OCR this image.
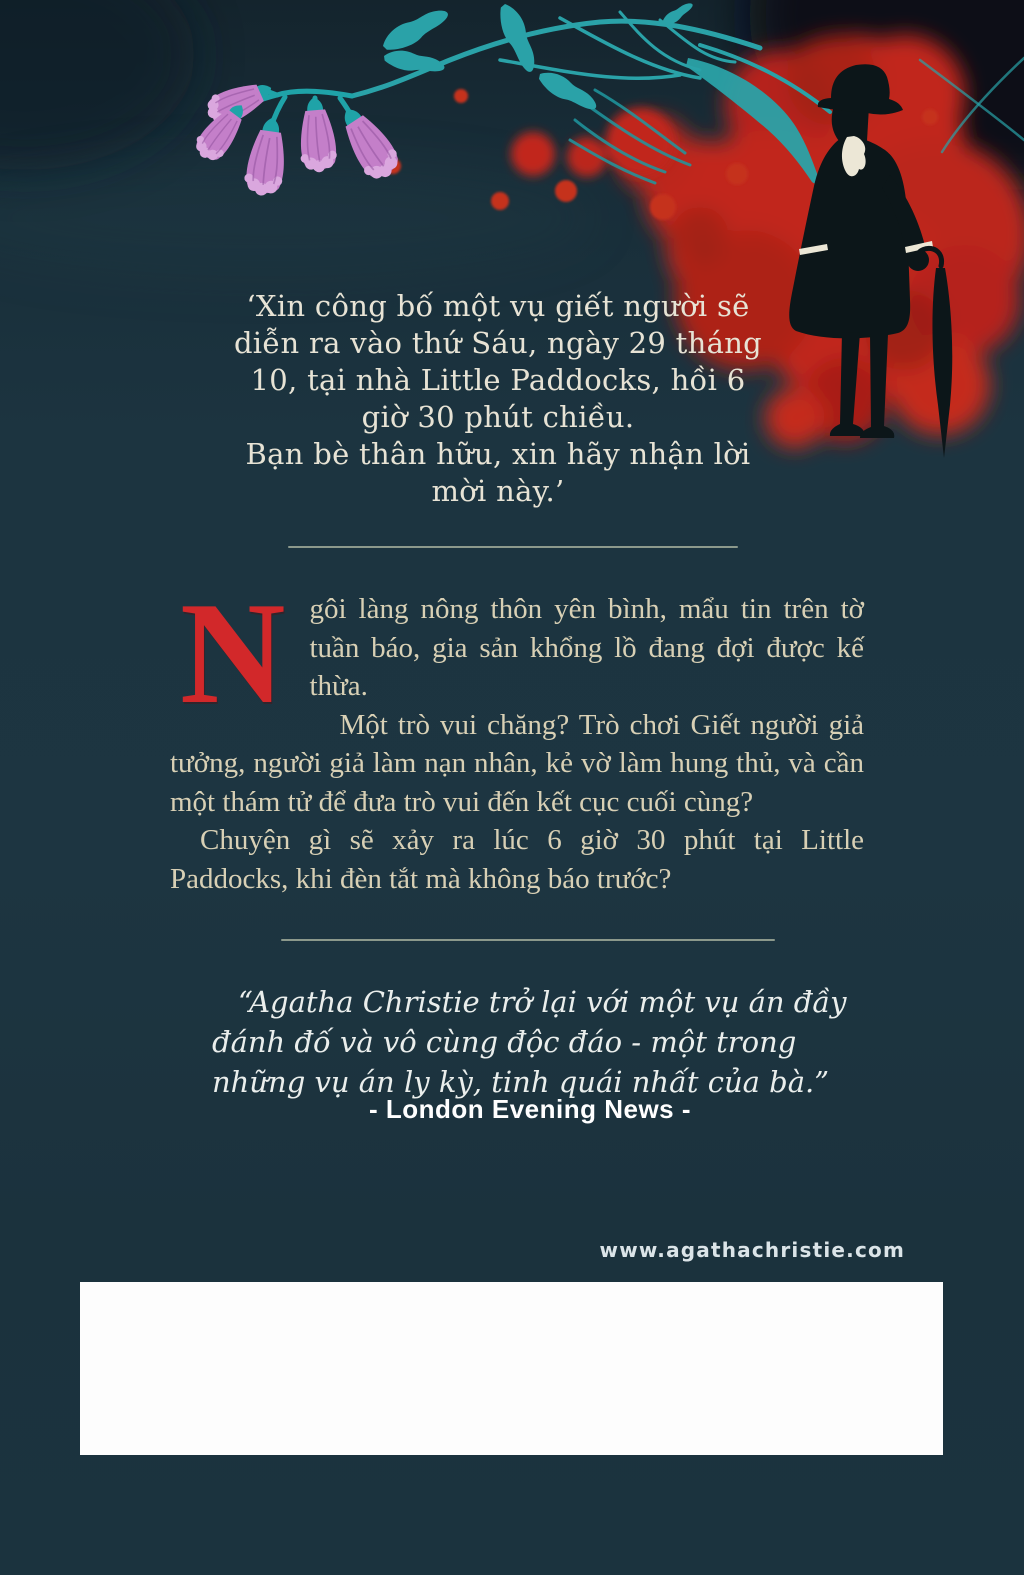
‘Xin công bố một vụ giết người sẽ
diễn ra vào thứ Sáu, ngày 29 tháng
10, tại nhà Little Paddocks, hồi 6
giờ 30 phút chiều.
Bạn bè thân hữu, xin hãy nhận lời
mời này.’
N gôi làng nông thôn yên bình, mẩu tin trên tờ tuần báo, gia sản khổng lồ đang đợi được kế thừa.

Một trò vui chăng? Trò chơi Giết người giả tưởng, người giả làm nạn nhân, kẻ vờ làm hung thủ, và cần một thám tử để đưa trò vui đến kết cục cuối cùng?

Chuyện gì sẽ xảy ra lúc 6 giờ 30 phút tại Little Paddocks, khi đèn tắt mà không báo trước?

“Agatha Christie trở lại với một vụ án đầy đánh đố và vô cùng độc đáo - một trong những vụ án ly kỳ, tinh quái nhất của bà.”
- London Evening News -
www.agathachristie.com
